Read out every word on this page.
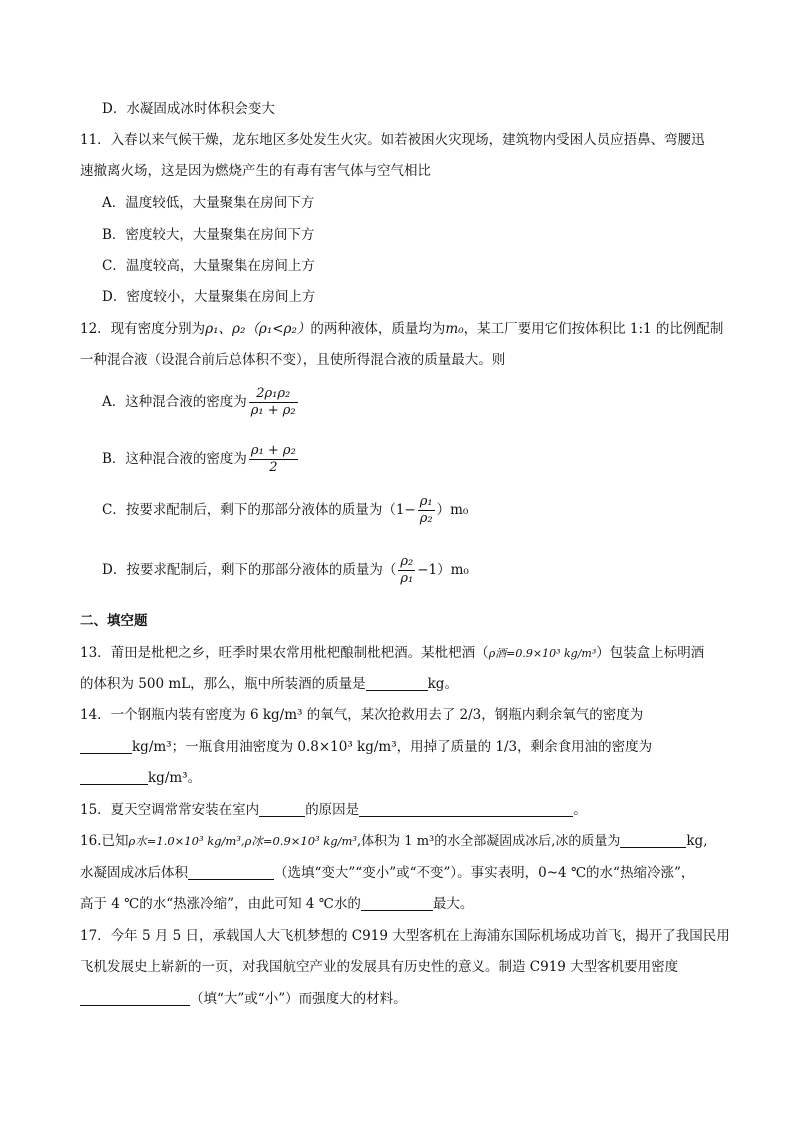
D．水凝固成冰时体积会变大
11．入春以来气候干燥，龙东地区多处发生火灾。如若被困火灾现场，建筑物内受困人员应捂鼻、弯腰迅
速撤离火场，这是因为燃烧产生的有毒有害气体与空气相比
A．温度较低，大量聚集在房间下方
B．密度较大，大量聚集在房间下方
C．温度较高，大量聚集在房间上方
D．密度较小，大量聚集在房间上方
12．现有密度分别为ρ₁、ρ₂（ρ₁<ρ₂）的两种液体，质量均为m₀，某工厂要用它们按体积比 1:1 的比例配制
一种混合液（设混合前后总体积不变），且使所得混合液的质量最大。则
A．这种混合液的密度为 $\frac{\text{2ρ₁ρ₂}}{\text{ρ₁ + ρ₂}}$
B．这种混合液的密度为 $\frac{\text{ρ₁ + ρ₂}}{2}$
C．按要求配制后，剩下的那部分液体的质量为$(1- \frac{\text{ρ₁}}{\text{ρ₂}} )m_0$
D．按要求配制后，剩下的那部分液体的质量为（ $\frac{\text{ρ₂}}{\text{ρ₁}} -1)m_0$
二、填空题
13．莆田是枇杷之乡，旺季时果农常用枇杷酿制枇杷酒。某枇杷酒（ρ酒=0.9×10³ kg/m³）包装盒上标明酒
的体积为 500 mL，那么，瓶中所装酒的质量是	kg。
14．一个钢瓶内装有密度为 6 kg/m³ 的氧气，某次抢救用去了 2/3，钢瓶内剩余氧气的密度为
kg/m³；一瓶食用油密度为 0.8×10³ kg/m³，用掉了质量的 1/3，剩余食用油的密度为
kg/m³。
15．夏天空调常常安装在室内	的原因是	。
16.已知ρ水=1.0×10³ kg/m³,ρ冰=0.9×10³ kg/m³,体积为 1 m³的水全部凝固成冰后,冰的质量为	kg,
水凝固成冰后体积	（选填“变大”“变小”或“不变”）。事实表明，0~4 ℃的水“热缩冷涨”，
高于 4 ℃的水“热涨冷缩”，由此可知 4 ℃水的	最大。
17．今年 5 月 5 日，承载国人大飞机梦想的 C919 大型客机在上海浦东国际机场成功首飞，揭开了我国民用
飞机发展史上崭新的一页，对我国航空产业的发展具有历史性的意义。制造 C919 大型客机要用密度
（填“大”或“小”）而强度大的材料。
